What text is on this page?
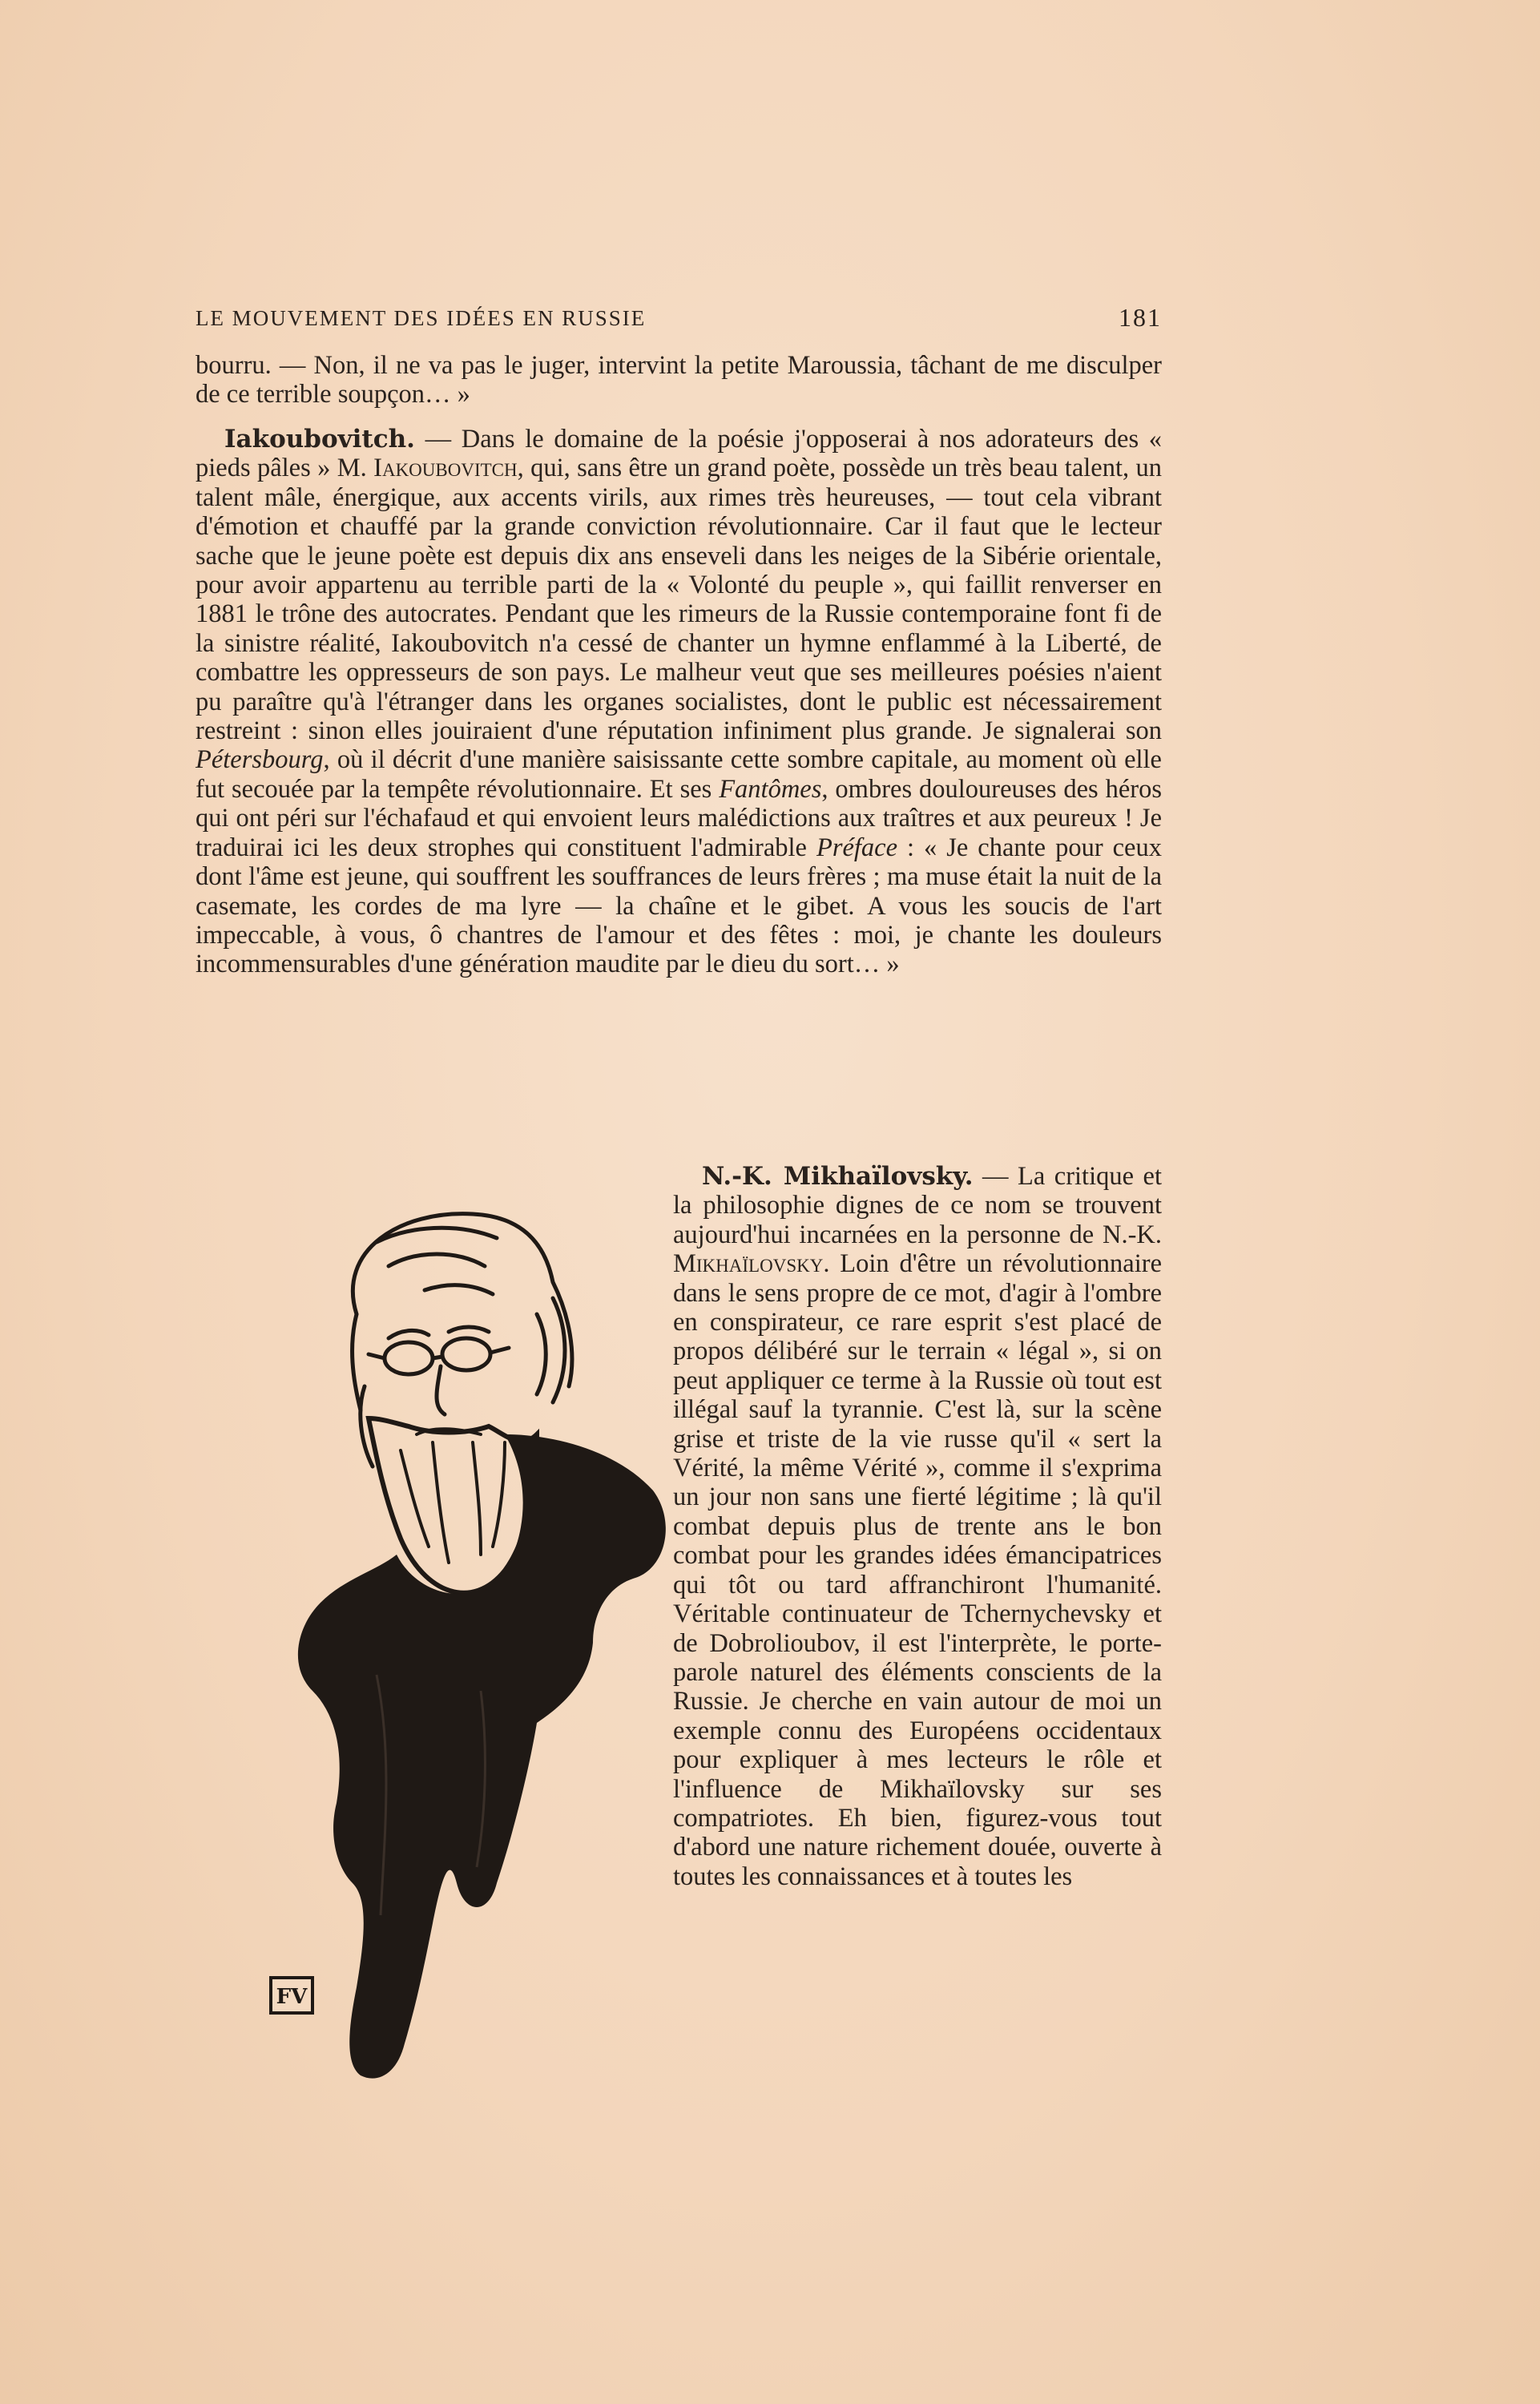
LE MOUVEMENT DES IDÉES EN RUSSIE	181

bourru. — Non, il ne va pas le juger, intervint la petite Maroussia, tâchant de me disculper de ce terrible soupçon… »

Iakoubovitch. — Dans le domaine de la poésie j'opposerai à nos adorateurs des « pieds pâles » M. Iakoubovitch, qui, sans être un grand poète, possède un très beau talent, un talent mâle, énergique, aux accents virils, aux rimes très heureuses, — tout cela vibrant d'émotion et chauffé par la grande conviction révolutionnaire. Car il faut que le lecteur sache que le jeune poète est depuis dix ans enseveli dans les neiges de la Sibérie orientale, pour avoir appartenu au terrible parti de la « Volonté du peuple », qui faillit renverser en 1881 le trône des autocrates. Pendant que les rimeurs de la Russie contemporaine font fi de la sinistre réalité, Iakoubovitch n'a cessé de chanter un hymne enflammé à la Liberté, de combattre les oppresseurs de son pays. Le malheur veut que ses meilleures poésies n'aient pu paraître qu'à l'étranger dans les organes socialistes, dont le public est nécessairement restreint : sinon elles jouiraient d'une réputation infiniment plus grande. Je signalerai son Pétersbourg, où il décrit d'une manière saisissante cette sombre capitale, au moment où elle fut secouée par la tempête révolutionnaire. Et ses Fantômes, ombres douloureuses des héros qui ont péri sur l'échafaud et qui envoient leurs malédictions aux traîtres et aux peureux ! Je traduirai ici les deux strophes qui constituent l'admirable Préface : « Je chante pour ceux dont l'âme est jeune, qui souffrent les souffrances de leurs frères ; ma muse était la nuit de la casemate, les cordes de ma lyre — la chaîne et le gibet. A vous les soucis de l'art impeccable, à vous, ô chantres de l'amour et des fêtes : moi, je chante les douleurs incommensurables d'une génération maudite par le dieu du sort… »

FV

N.-K. Mikhaïlovsky. — La critique et la philosophie dignes de ce nom se trouvent aujourd'hui incarnées en la personne de N.-K. Mikhaïlovsky. Loin d'être un révolutionnaire dans le sens propre de ce mot, d'agir à l'ombre en conspirateur, ce rare esprit s'est placé de propos délibéré sur le terrain « légal », si on peut appliquer ce terme à la Russie où tout est illégal sauf la tyrannie. C'est là, sur la scène grise et triste de la vie russe qu'il « sert la Vérité, la même Vérité », comme il s'exprima un jour non sans une fierté légitime ; là qu'il combat depuis plus de trente ans le bon combat pour les grandes idées émancipatrices qui tôt ou tard affranchiront l'humanité. Véritable continuateur de Tchernychevsky et de Dobrolioubov, il est l'interprète, le porte-parole naturel des éléments conscients de la Russie. Je cherche en vain autour de moi un exemple connu des Européens occidentaux pour expliquer à mes lecteurs le rôle et l'influence de Mikhaïlovsky sur ses compatriotes. Eh bien, figurez-vous tout d'abord une nature richement douée, ouverte à toutes les connaissances et à toutes les
